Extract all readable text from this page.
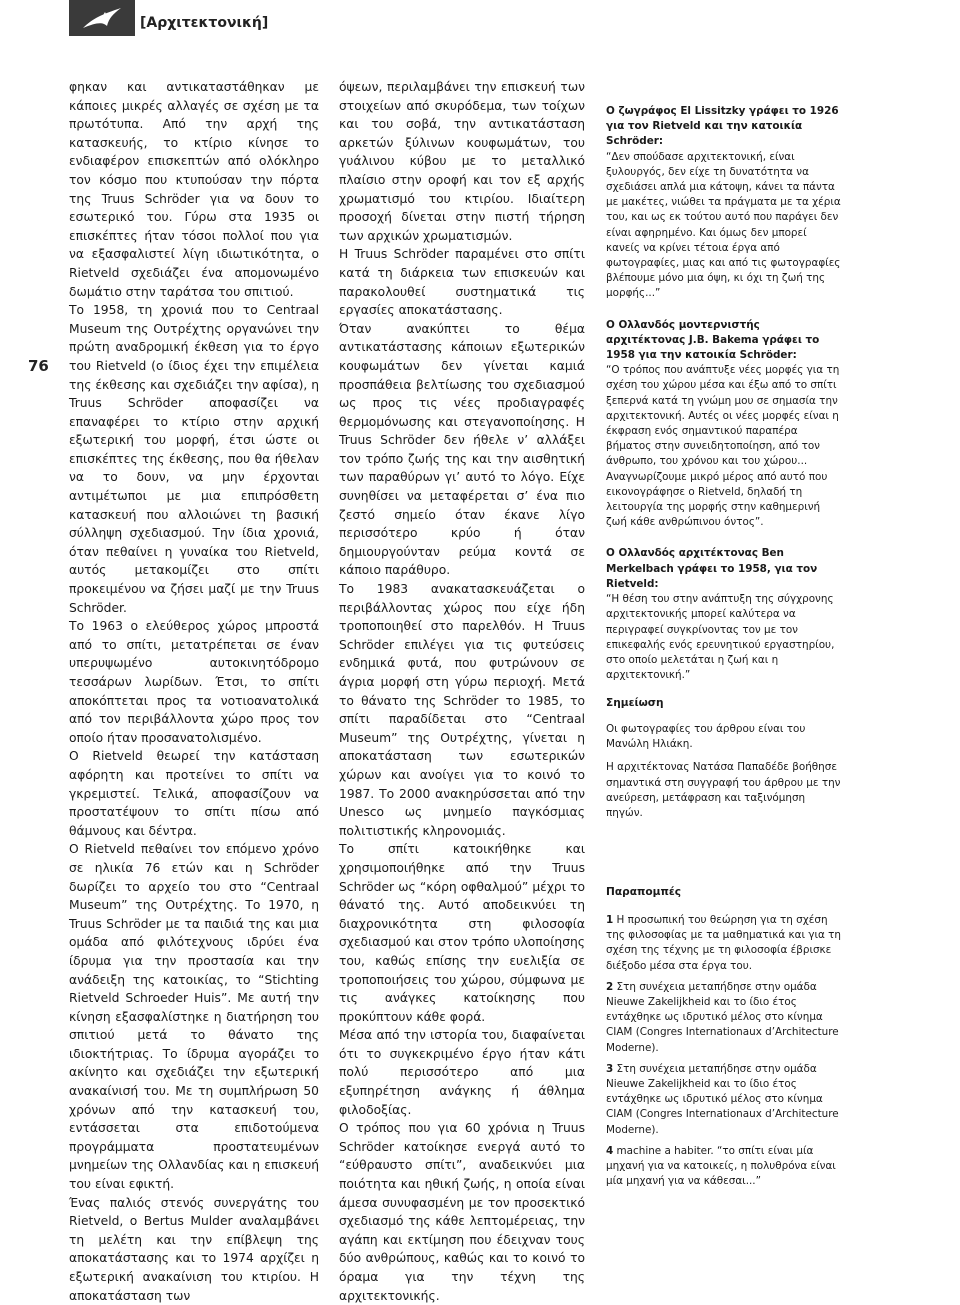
[Αρχιτεκτονική]
76

φηκαν και αντικαταστάθηκαν με κάποιες μικρές αλλαγές σε σχέση με τα πρωτότυπα. Από την αρχή της κατασκευής, το κτίριο κίνησε το ενδιαφέρον επισκεπτών από ολόκληρο τον κόσμο που κτυπούσαν την πόρτα της Truus Schröder για να δουν το εσωτερικό του. Γύρω στα 1935 οι επισκέπτες ήταν τόσοι πολλοί που για να εξασφαλιστεί λίγη ιδιωτικότητα, ο Rietveld σχεδιάζει ένα απομονωμένο δωμάτιο στην ταράτσα του σπιτιού.

Το 1958, τη χρονιά που το Centraal Museum της Ουτρέχτης οργανώνει την πρώτη αναδρομική έκθεση για το έργο του Rietveld (ο ίδιος έχει την επιμέλεια της έκθεσης και σχεδιάζει την αφίσα), η Truus Schröder αποφασίζει να επαναφέρει το κτίριο στην αρχική εξωτερική του μορφή, έτσι ώστε οι επισκέπτες της έκθεσης, που θα ήθελαν να το δουν, να μην έρχονται αντιμέτωποι με μια επιπρόσθετη κατασκευή που αλλοιώνει τη βασική σύλληψη σχεδιασμού. Την ίδια χρονιά, όταν πεθαίνει η γυναίκα του Rietveld, αυτός μετακομίζει στο σπίτι προκειμένου να ζήσει μαζί με την Truus Schröder.

Το 1963 ο ελεύθερος χώρος μπροστά από το σπίτι, μετατρέπεται σε έναν υπερυψωμένο αυτοκινητόδρομο τεσσάρων λωρίδων. Έτσι, το σπίτι αποκόπτεται προς τα νοτιοανατολικά από τον περιβάλλοντα χώρο προς τον οποίο ήταν προσανατολισμένο.

Ο Rietveld θεωρεί την κατάσταση αφόρητη και προτείνει το σπίτι να γκρεμιστεί. Τελικά, αποφασίζουν να προστατέψουν το σπίτι πίσω από θάμνους και δέντρα.

Ο Rietveld πεθαίνει τον επόμενο χρόνο σε ηλικία 76 ετών και η Schröder δωρίζει το αρχείο του στο “Centraal Museum” της Ουτρέχτης. Το 1970, η Truus Schröder με τα παιδιά της και μια ομάδα από φιλότεχνους ιδρύει ένα ίδρυμα για την προστασία και την ανάδειξη της κατοικίας, το “Stichting Rietveld Schroeder Huis”. Με αυτή την κίνηση εξασφαλίστηκε η διατήρηση του σπιτιού μετά το θάνατο της ιδιοκτήτριας. Το ίδρυμα αγοράζει το ακίνητο και σχεδιάζει την εξωτερική ανακαίνισή του. Με τη συμπλήρωση 50 χρόνων από την κατασκευή του, εντάσσεται στα επιδοτούμενα προγράμματα προστατευμένων μνημείων της Ολλανδίας και η επισκευή του είναι εφικτή.

Ένας παλιός στενός συνεργάτης του Rietveld, ο Bertus Mulder αναλαμβάνει τη μελέτη και την επίβλεψη της αποκατάστασης και το 1974 αρχίζει η εξωτερική ανακαίνιση του κτιρίου. Η αποκατάσταση των

όψεων, περιλαμβάνει την επισκευή των στοιχείων από σκυρόδεμα, των τοίχων και του σοβά, την αντικατάσταση αρκετών ξύλινων κουφωμάτων, του γυάλινου κύβου με το μεταλλικό πλαίσιο στην οροφή και τον εξ αρχής χρωματισμό του κτιρίου. Ιδιαίτερη προσοχή δίνεται στην πιστή τήρηση των αρχικών χρωματισμών.

Η Truus Schröder παραμένει στο σπίτι κατά τη διάρκεια των επισκευών και παρακολουθεί συστηματικά τις εργασίες αποκατάστασης.

Όταν ανακύπτει το θέμα αντικατάστασης κάποιων εξωτερικών κουφωμάτων δεν γίνεται καμιά προσπάθεια βελτίωσης του σχεδιασμού ως προς τις νέες προδιαγραφές θερμομόνωσης και στεγανοποίησης. Η Truus Schröder δεν ήθελε ν’ αλλάξει τον τρόπο ζωής της και την αισθητική των παραθύρων γι’ αυτό το λόγο. Είχε συνηθίσει να μεταφέρεται σ’ ένα πιο ζεστό σημείο όταν έκανε λίγο περισσότερο κρύο ή όταν δημιουργούνταν ρεύμα κοντά σε κάποιο παράθυρο.

Το 1983 ανακατασκευάζεται ο περιβάλλοντας χώρος που είχε ήδη τροποποιηθεί στο παρελθόν. Η Truus Schröder επιλέγει για τις φυτεύσεις ενδημικά φυτά, που φυτρώνουν σε άγρια μορφή στη γύρω περιοχή. Μετά το θάνατο της Schröder το 1985, το σπίτι παραδίδεται στο “Centraal Museum” της Ουτρέχτης, γίνεται η αποκατάσταση των εσωτερικών χώρων και ανοίγει για το κοινό το 1987. Το 2000 ανακηρύσσεται από την Unesco ως μνημείο παγκόσμιας πολιτιστικής κληρονομιάς.

Το σπίτι κατοικήθηκε και χρησιμοποιήθηκε από την Truus Schröder ως “κόρη οφθαλμού” μέχρι το θάνατό της. Αυτό αποδεικνύει τη διαχρονικότητα στη φιλοσοφία σχεδιασμού και στον τρόπο υλοποίησης του, καθώς επίσης την ευελιξία σε τροποποιήσεις του χώρου, σύμφωνα με τις ανάγκες κατοίκησης που προκύπτουν κάθε φορά.

Μέσα από την ιστορία του, διαφαίνεται ότι το συγκεκριμένο έργο ήταν κάτι πολύ περισσότερο από μια εξυπηρέτηση ανάγκης ή άθλημα φιλοδοξίας.

Ο τρόπος που για 60 χρόνια η Truus Schröder κατοίκησε ενεργά αυτό το “εύθραυστο σπίτι”, αναδεικνύει μια ποιότητα και ηθική ζωής, η οποία είναι άμεσα συνυφασμένη με τον προσεκτικό σχεδιασμό της κάθε λεπτομέρειας, την αγάπη και εκτίμηση που έδειχναν τους δύο ανθρώπους, καθώς και το κοινό το όραμα για την τέχνη της αρχιτεκτονικής.

Ο ζωγράφος El Lissitzky γράφει το 1926 για τον Rietveld και την κατοικία Schröder:
“Δεν σπούδασε αρχιτεκτονική, είναι ξυλουργός, δεν είχε τη δυνατότητα να σχεδιάσει απλά μια κάτοψη, κάνει τα πάντα με μακέτες, νιώθει τα πράγματα με τα χέρια του, και ως εκ τούτου αυτό που παράγει δεν είναι αφηρημένο. Και όμως δεν μπορεί κανείς να κρίνει τέτοια έργα από φωτογραφίες, μιας και από τις φωτογραφίες βλέπουμε μόνο μια όψη, κι όχι τη ζωή της μορφής...”
Ο Ολλανδός μοντερνιστής αρχιτέκτονας J.B. Bakema γράφει το 1958 για την κατοικία Schröder:
“Ο τρόπος που ανάπτυξε νέες μορφές για τη σχέση του χώρου μέσα και έξω από το σπίτι ξεπερνά κατά τη γνώμη μου σε σημασία την αρχιτεκτονική. Αυτές οι νέες μορφές είναι η έκφραση ενός σημαντικού παραπέρα βήματος στην συνειδητοποίηση, από τον άνθρωπο, του χρόνου και του χώρου... Αναγνωρίζουμε μικρό μέρος από αυτό που εικονογράφησε ο Rietveld, δηλαδή τη λειτουργία της μορφής στην καθημερινή ζωή κάθε ανθρώπινου όντος”.
Ο Ολλανδός αρχιτέκτονας Ben Merkelbach γράφει το 1958, για τον Rietveld:
“Η θέση του στην ανάπτυξη της σύγχρονης αρχιτεκτονικής μπορεί καλύτερα να περιγραφεί συγκρίνοντας τον με τον επικεφαλής ενός ερευνητικού εργαστηρίου, στο οποίο μελετάται η ζωή και η αρχιτεκτονική.”
Σημείωση

Οι φωτογραφίες του άρθρου είναι του Μανώλη Ηλιάκη.

Η αρχιτέκτονας Νατάσα Παπαδέδε βοήθησε σημαντικά στη συγγραφή του άρθρου με την ανεύρεση, μετάφραση και ταξινόμηση πηγών.

Παραπομπές

1 Η προσωπική του θεώρηση για τη σχέση της φιλοσοφίας με τα μαθηματικά και για τη σχέση της τέχνης με τη φιλοσοφία έβρισκε διέξοδο μέσα στα έργα του.

2 Στη συνέχεια μεταπήδησε στην ομάδα Nieuwe Zakelijkheid και το ίδιο έτος εντάχθηκε ως ιδρυτικό μέλος στο κίνημα CIAM (Congres Internationaux d’Architecture Moderne).

3 Στη συνέχεια μεταπήδησε στην ομάδα Nieuwe Zakelijkheid και το ίδιο έτος εντάχθηκε ως ιδρυτικό μέλος στο κίνημα CIAM (Congres Internationaux d’Architecture Moderne).

4 machine a habiter. “το σπίτι είναι μία μηχανή για να κατοικείς, η πολυθρόνα είναι μία μηχανή για να κάθεσαι...”
